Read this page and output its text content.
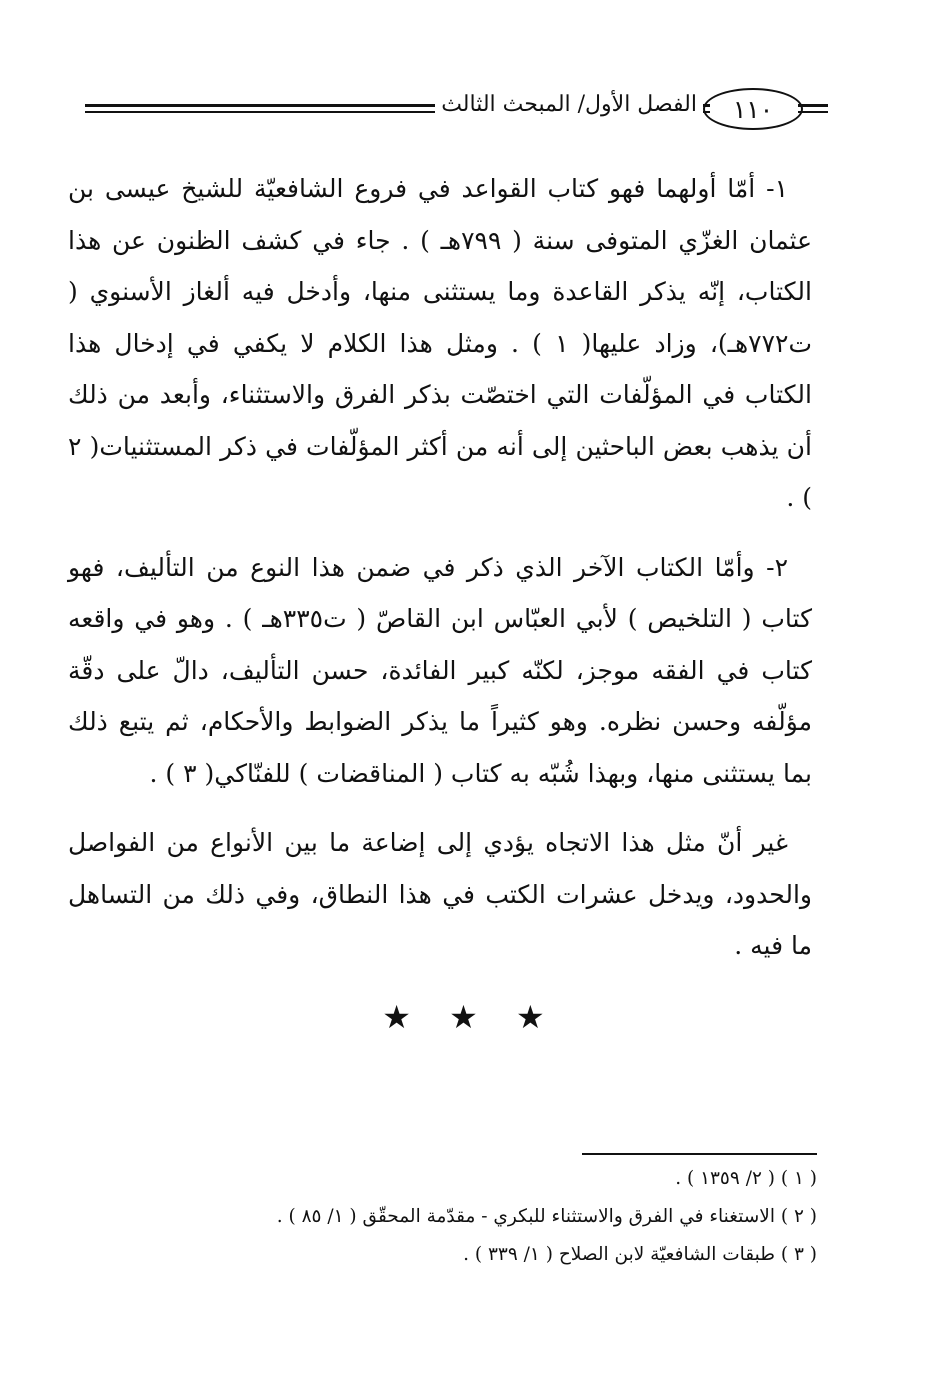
الفصل الأول/ المبحث الثالث	١١٠

١- أمّا أولهما فهو كتاب القواعد في فروع الشافعيّة للشيخ عيسى بن عثمان الغزّي المتوفى سنة ( ٧٩٩هـ ) . جاء في كشف الظنون عن هذا الكتاب، إنّه يذكر القاعدة وما يستثنى منها، وأدخل فيه ألغاز الأسنوي ( ت٧٧٢هـ)، وزاد عليها( ١ ) . ومثل هذا الكلام لا يكفي في إدخال هذا الكتاب في المؤلّفات التي اختصّت بذكر الفرق والاستثناء، وأبعد من ذلك أن يذهب بعض الباحثين إلى أنه من أكثر المؤلّفات في ذكر المستثنيات( ٢ ) .

٢- وأمّا الكتاب الآخر الذي ذكر في ضمن هذا النوع من التأليف، فهو كتاب ( التلخيص ) لأبي العبّاس ابن القاصّ ( ت٣٣٥هـ ) . وهو في واقعه كتاب في الفقه موجز، لكنّه كبير الفائدة، حسن التأليف، دالّ على دقّة مؤلّفه وحسن نظره. وهو كثيراً ما يذكر الضوابط والأحكام، ثم يتبع ذلك بما يستثنى منها، وبهذا شُبّه به كتاب ( المناقضات ) للفنّاكي( ٣ ) .

غير أنّ مثل هذا الاتجاه يؤدي إلى إضاعة ما بين الأنواع من الفواصل والحدود، ويدخل عشرات الكتب في هذا النطاق، وفي ذلك من التساهل ما فيه .

★ ★ ★
( ١ ) ( ٢/ ١٣٥٩ ) .
( ٢ ) الاستغناء في الفرق والاستثناء للبكري - مقدّمة المحقّق ( ١/ ٨٥ ) .
( ٣ ) طبقات الشافعيّة لابن الصلاح ( ١/ ٣٣٩ ) .
